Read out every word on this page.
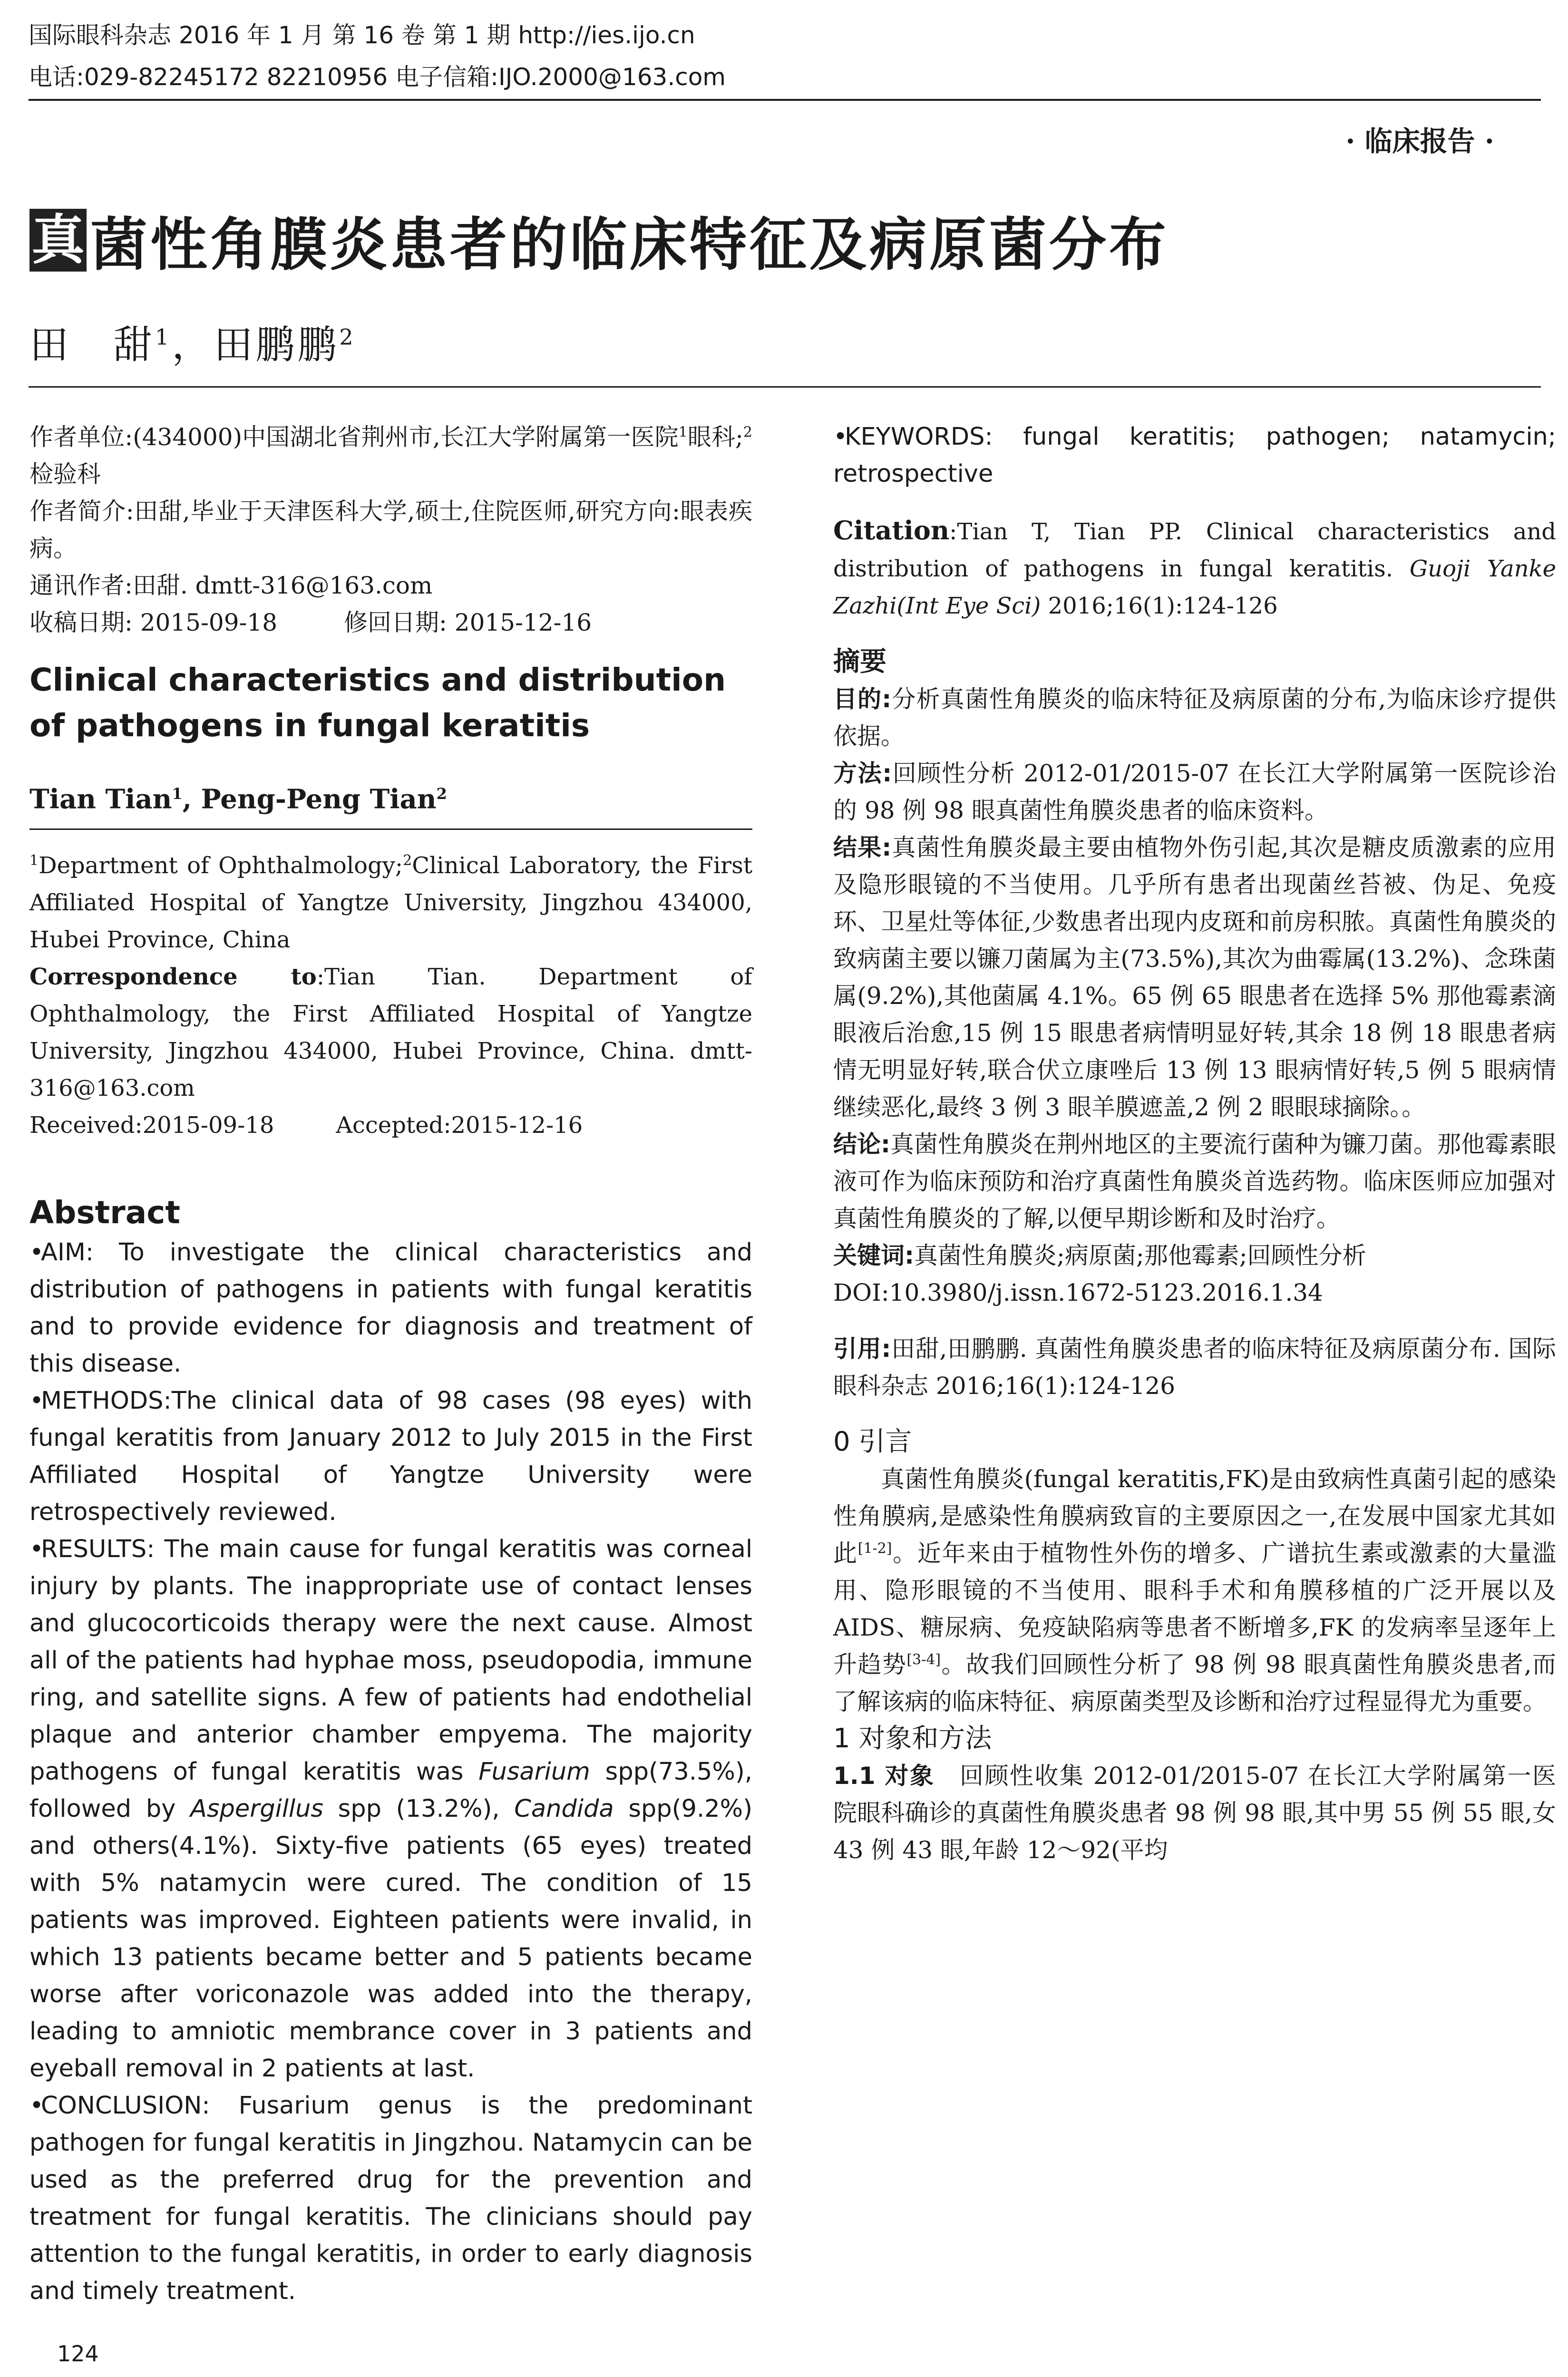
国际眼科杂志 2016 年 1 月 第 16 卷 第 1 期 http://ies.ijo.cn
电话:029-82245172 82210956 电子信箱:IJO.2000@163.com
· 临床报告 ·
真 菌性角膜炎患者的临床特征及病原菌分布
田　甜$^1$，田鹏鹏$^2$

作者单位:(434000)中国湖北省荆州市,长江大学附属第一医院$^1$眼科;$^2$检验科

作者简介:田甜,毕业于天津医科大学,硕士,住院医师,研究方向:眼表疾病。

通讯作者:田甜. dmtt-316@163.com

收稿日期: 2015-09-18	修回日期: 2015-12-16

Clinical characteristics and distribution of pathogens in fungal keratitis

Tian Tian$^1$, Peng-Peng Tian$^2$

$^1$Department of Ophthalmology;$^2$Clinical Laboratory, the First Affiliated Hospital of Yangtze University, Jingzhou 434000, Hubei Province, China

Correspondence to:Tian Tian. Department of Ophthalmology, the First Affiliated Hospital of Yangtze University, Jingzhou 434000, Hubei Province, China. dmtt-316@163.com

Received:2015-09-18	Accepted:2015-12-16

Abstract

•AIM: To investigate the clinical characteristics and distribution of pathogens in patients with fungal keratitis and to provide evidence for diagnosis and treatment of this disease.

•METHODS:The clinical data of 98 cases (98 eyes) with fungal keratitis from January 2012 to July 2015 in the First Affiliated Hospital of Yangtze University were retrospectively reviewed.

•RESULTS: The main cause for fungal keratitis was corneal injury by plants. The inappropriate use of contact lenses and glucocorticoids therapy were the next cause. Almost all of the patients had hyphae moss, pseudopodia, immune ring, and satellite signs. A few of patients had endothelial plaque and anterior chamber empyema. The majority pathogens of fungal keratitis was Fusarium spp(73.5%), followed by Aspergillus spp (13.2%), Candida spp(9.2%) and others(4.1%). Sixty-five patients (65 eyes) treated with 5% natamycin were cured. The condition of 15 patients was improved. Eighteen patients were invalid, in which 13 patients became better and 5 patients became worse after voriconazole was added into the therapy, leading to amniotic membrance cover in 3 patients and eyeball removal in 2 patients at last.

•CONCLUSION: Fusarium genus is the predominant pathogen for fungal keratitis in Jingzhou. Natamycin can be used as the preferred drug for the prevention and treatment for fungal keratitis. The clinicians should pay attention to the fungal keratitis, in order to early diagnosis and timely treatment.

•KEYWORDS: fungal keratitis; pathogen; natamycin; retrospective

Citation:Tian T, Tian PP. Clinical characteristics and distribution of pathogens in fungal keratitis. Guoji Yanke Zazhi(Int Eye Sci) 2016;16(1):124-126

摘要

目的:分析真菌性角膜炎的临床特征及病原菌的分布,为临床诊疗提供依据。

方法:回顾性分析 2012-01/2015-07 在长江大学附属第一医院诊治的 98 例 98 眼真菌性角膜炎患者的临床资料。

结果:真菌性角膜炎最主要由植物外伤引起,其次是糖皮质激素的应用及隐形眼镜的不当使用。几乎所有患者出现菌丝苔被、伪足、免疫环、卫星灶等体征,少数患者出现内皮斑和前房积脓。真菌性角膜炎的致病菌主要以镰刀菌属为主(73.5%),其次为曲霉属(13.2%)、念珠菌属(9.2%),其他菌属 4.1%。65 例 65 眼患者在选择 5% 那他霉素滴眼液后治愈,15 例 15 眼患者病情明显好转,其余 18 例 18 眼患者病情无明显好转,联合伏立康唑后 13 例 13 眼病情好转,5 例 5 眼病情继续恶化,最终 3 例 3 眼羊膜遮盖,2 例 2 眼眼球摘除。。

结论:真菌性角膜炎在荆州地区的主要流行菌种为镰刀菌。那他霉素眼液可作为临床预防和治疗真菌性角膜炎首选药物。临床医师应加强对真菌性角膜炎的了解,以便早期诊断和及时治疗。

关键词:真菌性角膜炎;病原菌;那他霉素;回顾性分析

DOI:10.3980/j.issn.1672-5123.2016.1.34

引用:田甜,田鹏鹏. 真菌性角膜炎患者的临床特征及病原菌分布. 国际眼科杂志 2016;16(1):124-126

0 引言

真菌性角膜炎(fungal keratitis,FK)是由致病性真菌引起的感染性角膜病,是感染性角膜病致盲的主要原因之一,在发展中国家尤其如此[1-2]。近年来由于植物性外伤的增多、广谱抗生素或激素的大量滥用、隐形眼镜的不当使用、眼科手术和角膜移植的广泛开展以及 AIDS、糖尿病、免疫缺陷病等患者不断增多,FK 的发病率呈逐年上升趋势[3-4]。故我们回顾性分析了 98 例 98 眼真菌性角膜炎患者,而了解该病的临床特征、病原菌类型及诊断和治疗过程显得尤为重要。

1 对象和方法

1.1 对象　回顾性收集 2012-01/2015-07 在长江大学附属第一医院眼科确诊的真菌性角膜炎患者 98 例 98 眼,其中男 55 例 55 眼,女 43 例 43 眼,年龄 12～92(平均

124
